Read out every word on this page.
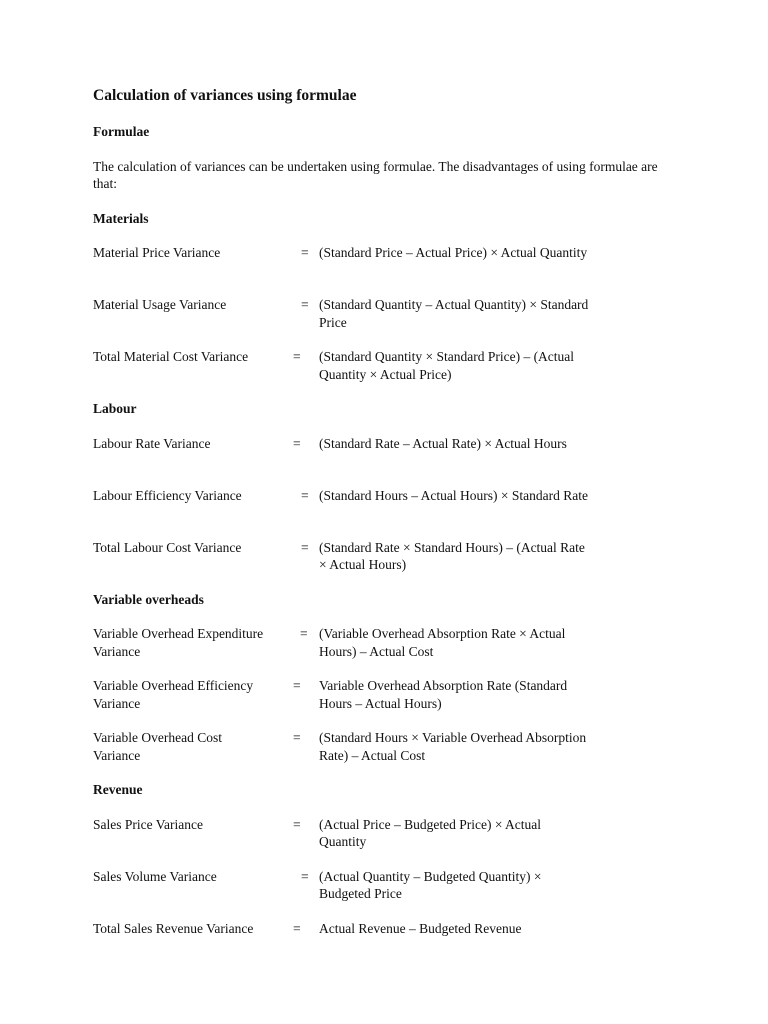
Calculation of variances using formulae
Formulae
The calculation of variances can be undertaken using formulae. The disadvantages of using formulae are that:
Materials
Material Price Variance	= (Standard Price – Actual Price) × Actual Quantity
Material Usage Variance	= (Standard Quantity – Actual Quantity) × Standard Price
Total Material Cost Variance	= (Standard Quantity × Standard Price) – (Actual Quantity × Actual Price)
Labour
Labour Rate Variance	= (Standard Rate – Actual Rate) × Actual Hours
Labour Efficiency Variance	= (Standard Hours – Actual Hours) × Standard Rate
Total Labour Cost Variance	= (Standard Rate × Standard Hours) – (Actual Rate × Actual Hours)
Variable overheads
Variable Overhead Expenditure Variance
= (Variable Overhead Absorption Rate × Actual Hours) – Actual Cost
Variable Overhead Efficiency Variance
= Variable Overhead Absorption Rate (Standard Hours – Actual Hours)
Variable Overhead Cost Variance
= (Standard Hours × Variable Overhead Absorption Rate) – Actual Cost
Revenue
Sales Price Variance	= (Actual Price – Budgeted Price) × Actual Quantity
Sales Volume Variance	= (Actual Quantity – Budgeted Quantity) × Budgeted Price
Total Sales Revenue Variance	= Actual Revenue – Budgeted Revenue
